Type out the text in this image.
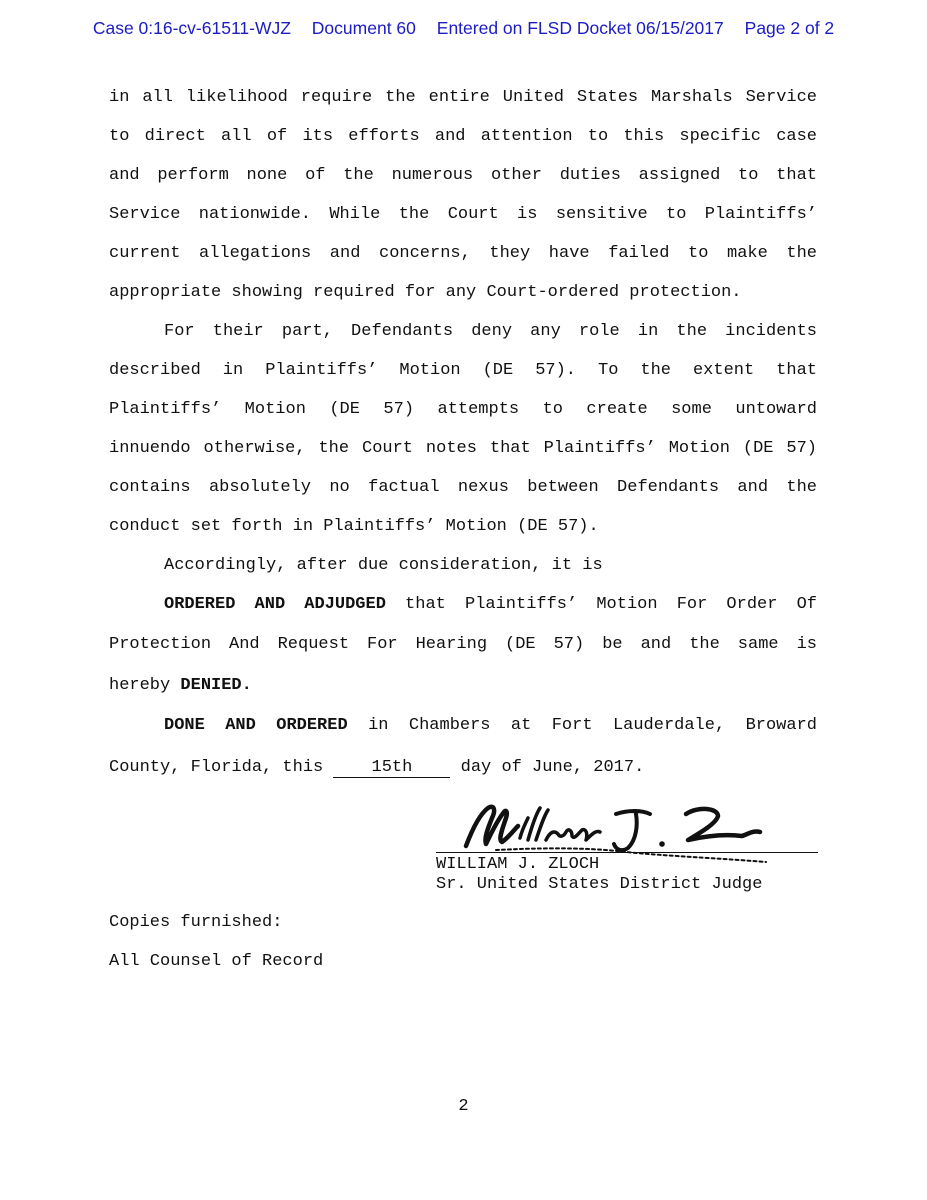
Case 0:16-cv-61511-WJZ Document 60 Entered on FLSD Docket 06/15/2017 Page 2 of 2
in all likelihood require the entire United States Marshals Service
to direct all of its efforts and attention to this specific case
and perform none of the numerous other duties assigned to that
Service nationwide. While the Court is sensitive to Plaintiffs’
current allegations and concerns, they have failed to make the
appropriate showing required for any Court-ordered protection.
For their part, Defendants deny any role in the incidents
described in Plaintiffs’ Motion (DE 57). To the extent that
Plaintiffs’ Motion (DE 57) attempts to create some untoward
innuendo otherwise, the Court notes that Plaintiffs’ Motion (DE 57)
contains absolutely no factual nexus between Defendants and the
conduct set forth in Plaintiffs’ Motion (DE 57).
Accordingly, after due consideration, it is
ORDERED AND ADJUDGED that Plaintiffs’ Motion For Order Of
Protection And Request For Hearing (DE 57) be and the same is
hereby DENIED.
DONE AND ORDERED in Chambers at Fort Lauderdale, Broward
County, Florida, this 15th day of June, 2017.
WILLIAM J. ZLOCH
Sr. United States District Judge
Copies furnished:
All Counsel of Record
2
